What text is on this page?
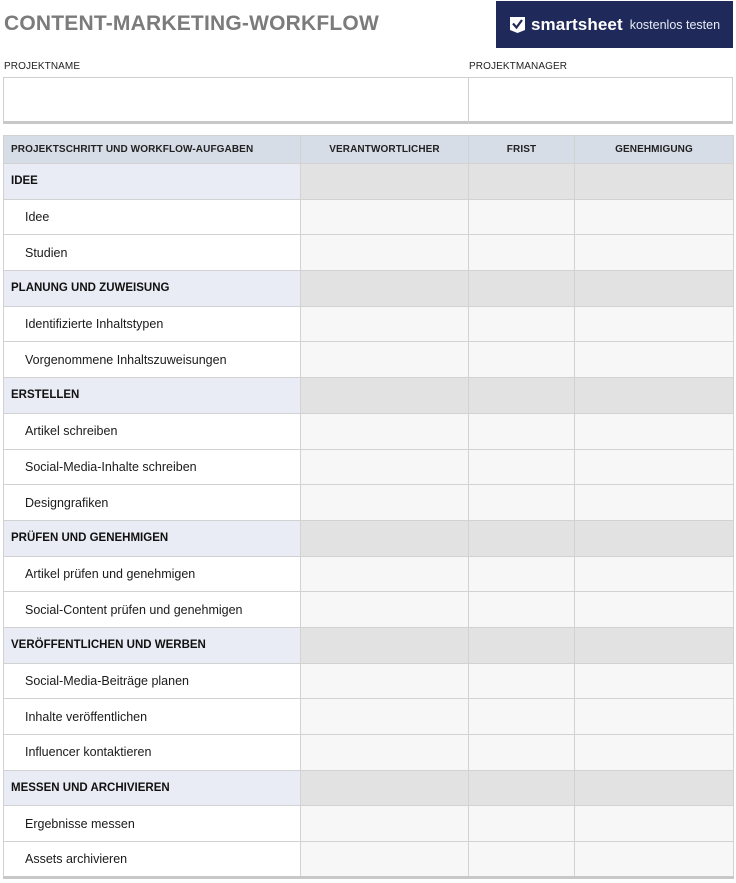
CONTENT-MARKETING-WORKFLOW	smartsheet kostenlos testen
PROJEKTNAME	PROJEKTMANAGER
PROJEKTSCHRITT UND WORKFLOW-AUFGABEN	VERANTWORTLICHER	FRIST	GENEHMIGUNG
IDEE			
Idee			
Studien			
PLANUNG UND ZUWEISUNG			
Identifizierte Inhaltstypen			
Vorgenommene Inhaltszuweisungen			
ERSTELLEN			
Artikel schreiben			
Social-Media-Inhalte schreiben			
Designgrafiken			
PRÜFEN UND GENEHMIGEN			
Artikel prüfen und genehmigen			
Social-Content prüfen und genehmigen			
VERÖFFENTLICHEN UND WERBEN			
Social-Media-Beiträge planen			
Inhalte veröffentlichen			
Influencer kontaktieren			
MESSEN UND ARCHIVIEREN			
Ergebnisse messen			
Assets archivieren			
